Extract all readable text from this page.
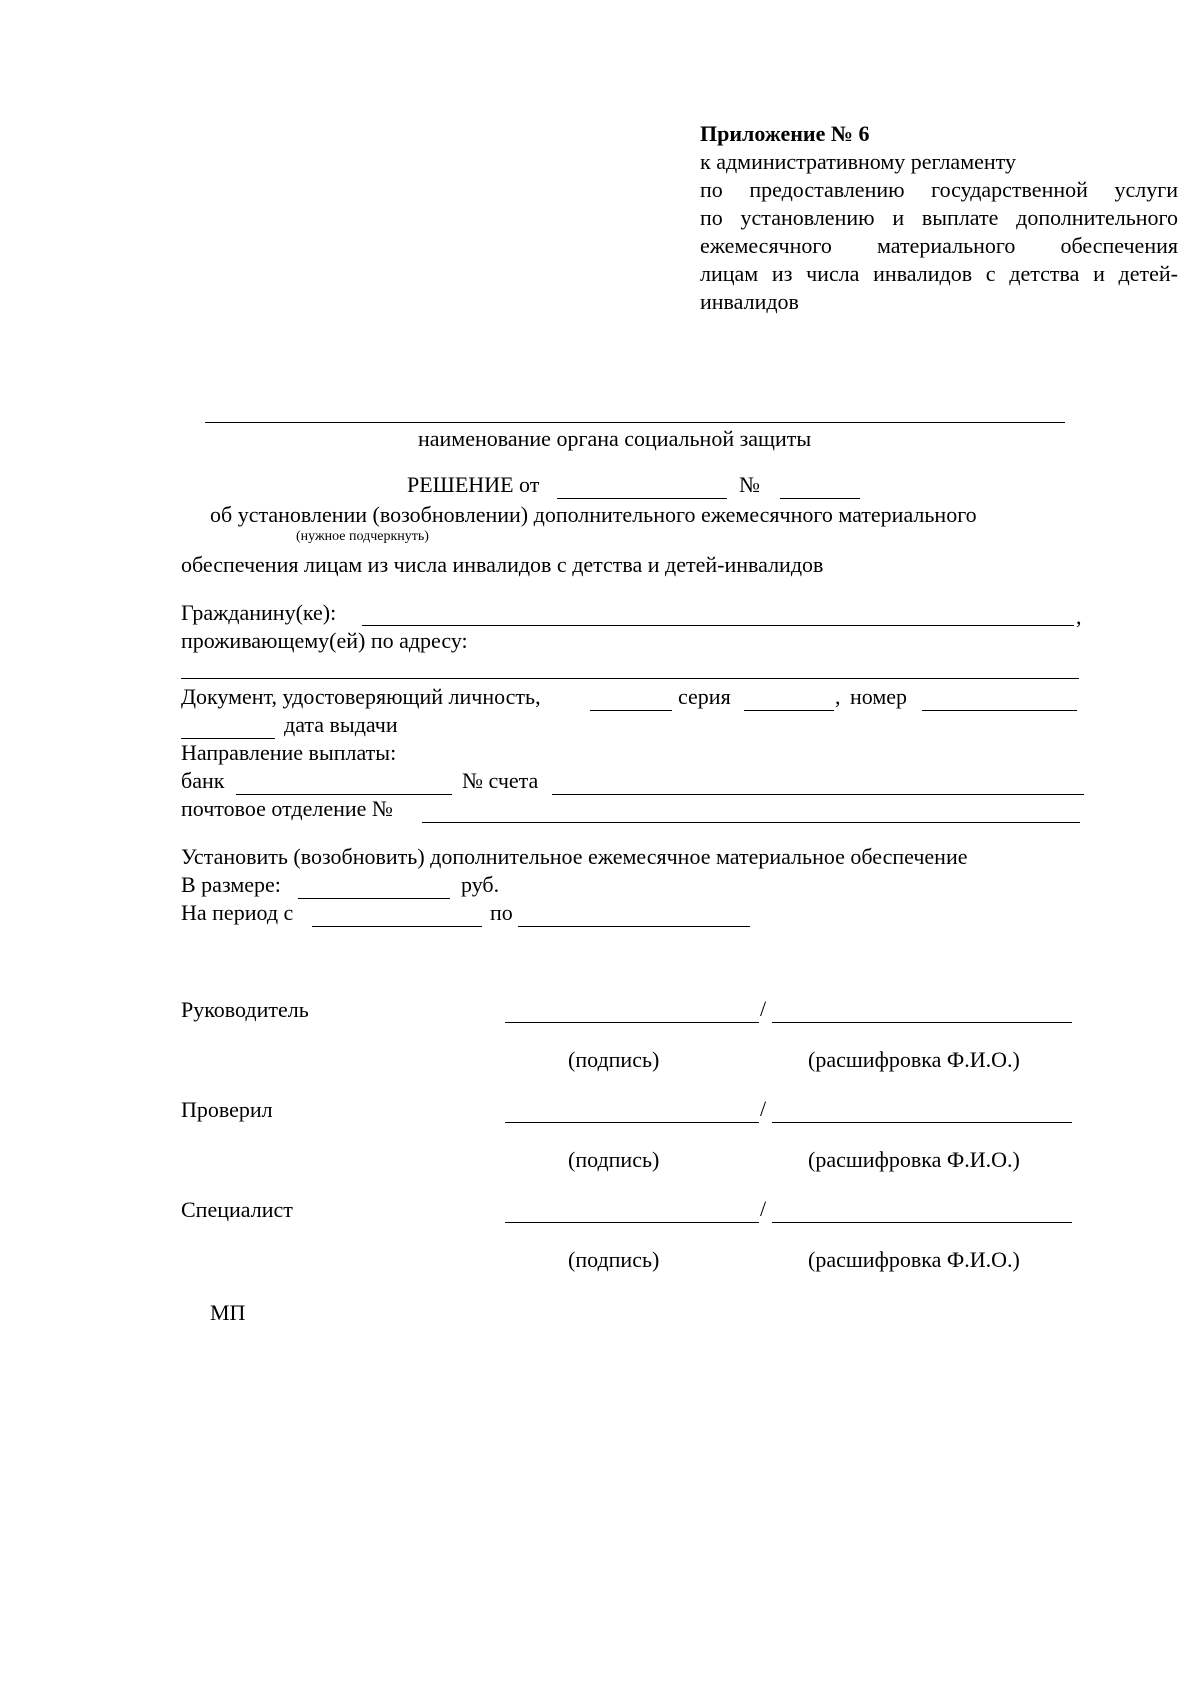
Приложение № 6
к административному регламенту
по предоставлению государственной услуги
по установлению и выплате дополнительного
ежемесячного материального обеспечения
лицам из числа инвалидов с детства и детей-
инвалидов
наименование органа социальной защиты
РЕШЕНИЕ от	№
об установлении (возобновлении) дополнительного ежемесячного материального
(нужное подчеркнуть)
обеспечения лицам из числа инвалидов с детства и детей-инвалидов
Гражданину(ке):	,
проживающему(ей) по адресу:
Документ, удостоверяющий личность,	серия	, номер
дата выдачи
Направление выплаты:
банк	№ счета
почтовое отделение №
Установить (возобновить) дополнительное ежемесячное материальное обеспечение
В размере:	руб.
На период с	по
Руководитель	/
(подпись)	(расшифровка Ф.И.О.)
Проверил	/
(подпись)	(расшифровка Ф.И.О.)
Специалист	/
(подпись)	(расшифровка Ф.И.О.)
МП
